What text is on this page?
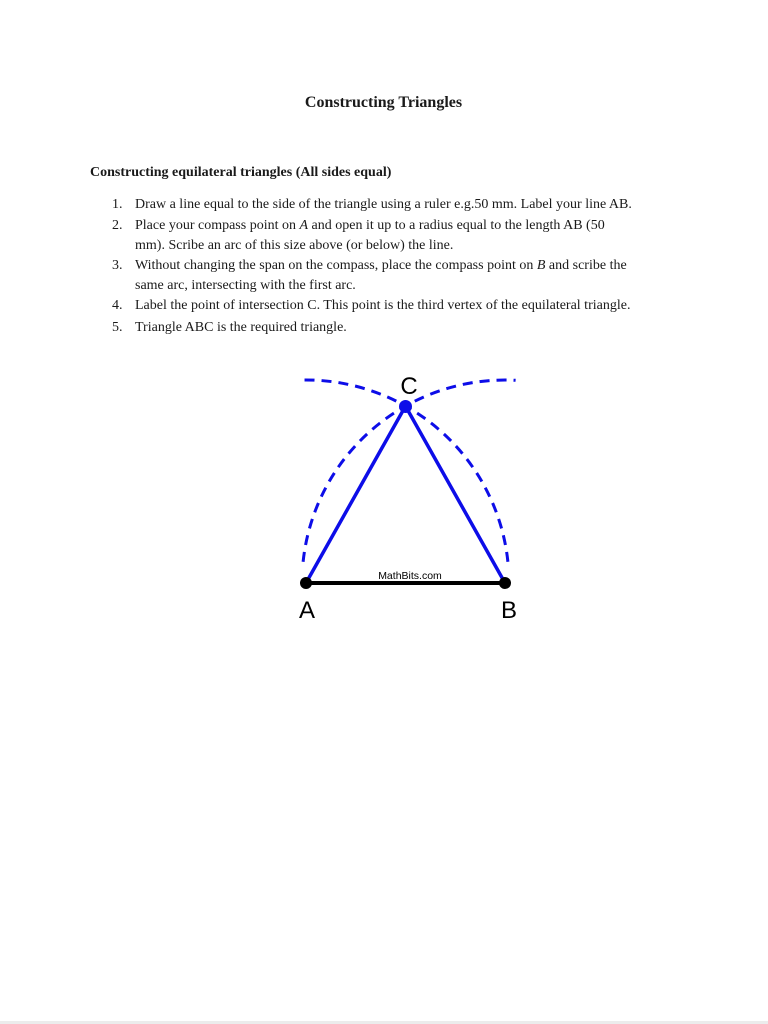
Constructing Triangles
Constructing equilateral triangles (All sides equal)
1. Draw a line equal to the side of the triangle using a ruler e.g.50 mm. Label your line AB.
2. Place your compass point on A and open it up to a radius equal to the length AB (50
mm). Scribe an arc of this size above (or below) the line.
3. Without changing the span on the compass, place the compass point on B and scribe the
same arc, intersecting with the first arc.
4. Label the point of intersection C. This point is the third vertex of the equilateral triangle.
5. Triangle ABC is the required triangle.
C
A	B
MathBits.com
